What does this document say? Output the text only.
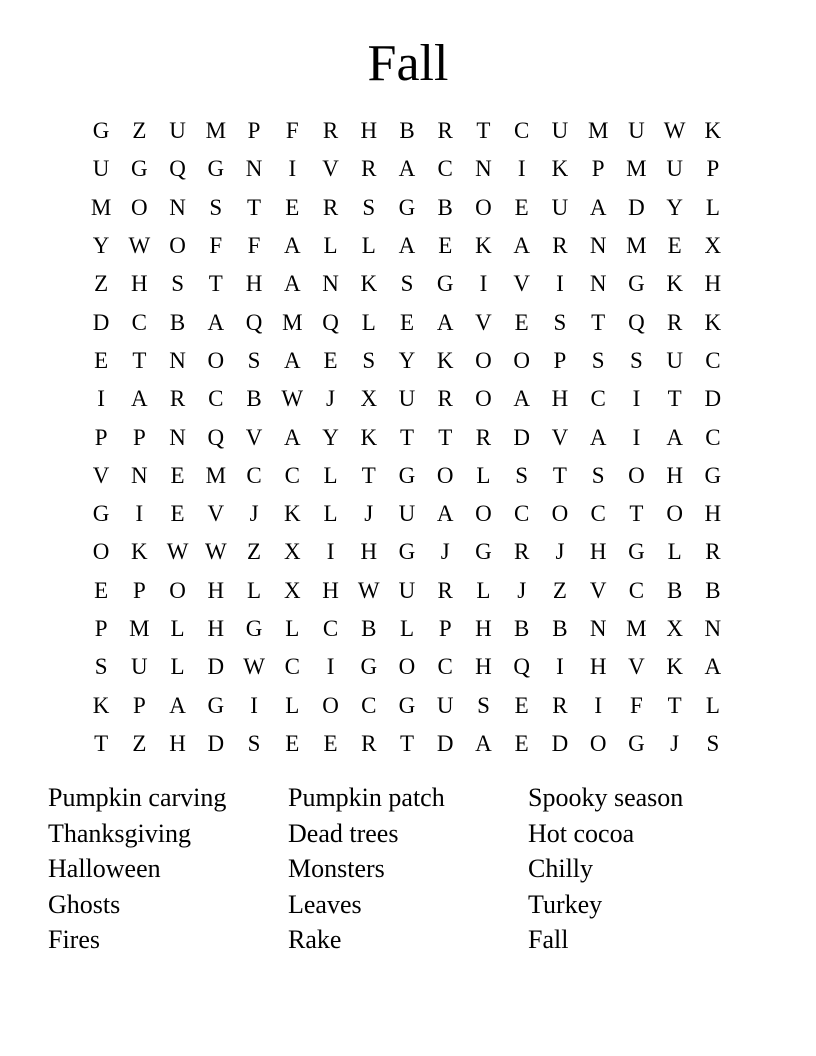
Fall
G Z U M P	F	R H B R	T	C U M U W K
U G Q G N	I	V R A C N	I	K	P M U	P
M O N	S	T	E	R	S	G B O E U A D Y L
Y W O	F	F	A L	L A E K A R N M E X
Z H	S	T H A N K	S	G	I	V	I	N G K H
D C B A Q M Q L	E A V E	S	T Q R K
E	T N O	S	A E	S	Y K O O	P	S	S	U C
I	A R C B W J	X U R O A H C	I	T D
P	P	N Q V A Y K T	T	R D V A	I	A C
V N E M C C	L	T G O L	S	T	S	O H G
G	I	E V	J	K L	J	U A O C O C	T O H
O K W W Z X	I	H G	J	G R	J	H G L	R
E	P	O H L X H W U R	L	J	Z V C B B
P M L H G L	C B	L	P	H B B N M X N
S	U L D W C	I	G O C H Q	I	H V K A
K	P	A G	I	L O C G U	S	E	R	I	F	T	L
T	Z H D	S	E	E	R	T D A E D O G	J	S
Pumpkin carving
Thanksgiving
Halloween
Ghosts
Fires
Pumpkin patch
Dead trees
Monsters
Leaves
Rake
Spooky season
Hot cocoa
Chilly
Turkey
Fall
